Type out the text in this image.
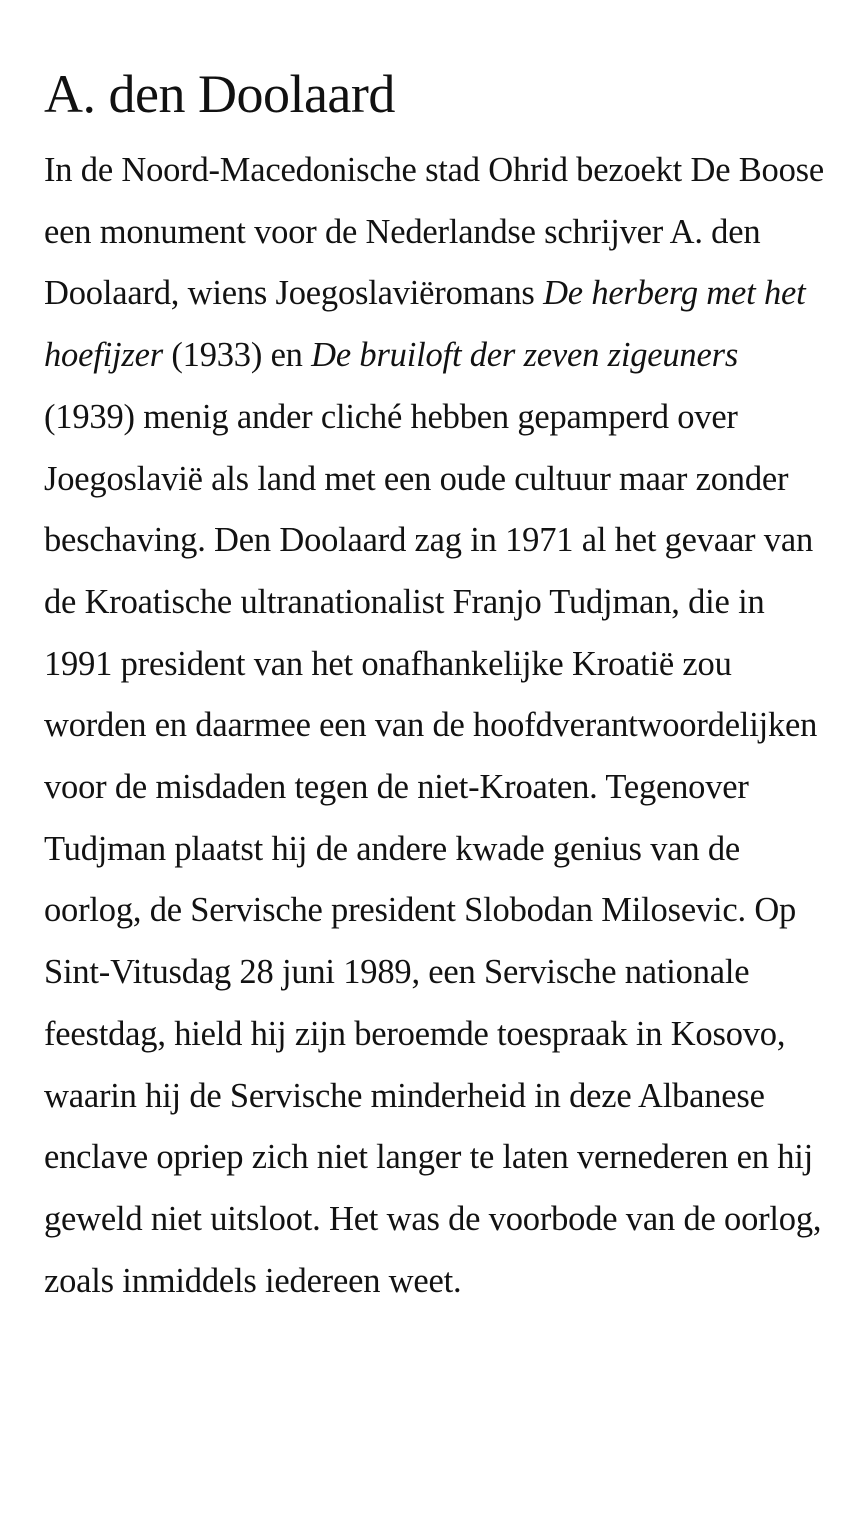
A. den Doolaard

In de Noord-Macedonische stad Ohrid bezoekt De Boose een monument voor de Nederlandse schrijver A. den Doolaard, wiens Joegoslaviëromans De herberg met het hoefijzer (1933) en De bruiloft der zeven zigeuners (1939) menig ander cliché hebben gepamperd over Joegoslavië als land met een oude cultuur maar zonder beschaving. Den Doolaard zag in 1971 al het gevaar van de Kroatische ultranationalist Franjo Tudjman, die in 1991 president van het onafhankelijke Kroatië zou worden en daarmee een van de hoofdverantwoordelijken voor de misdaden tegen de niet-Kroaten. Tegenover Tudjman plaatst hij de andere kwade genius van de oorlog, de Servische president Slobodan Milosevic. Op Sint-Vitusdag 28 juni 1989, een Servische nationale feestdag, hield hij zijn beroemde toespraak in Kosovo, waarin hij de Servische minderheid in deze Albanese enclave opriep zich niet langer te laten vernederen en hij geweld niet uitsloot. Het was de voorbode van de oorlog, zoals inmiddels iedereen weet.
